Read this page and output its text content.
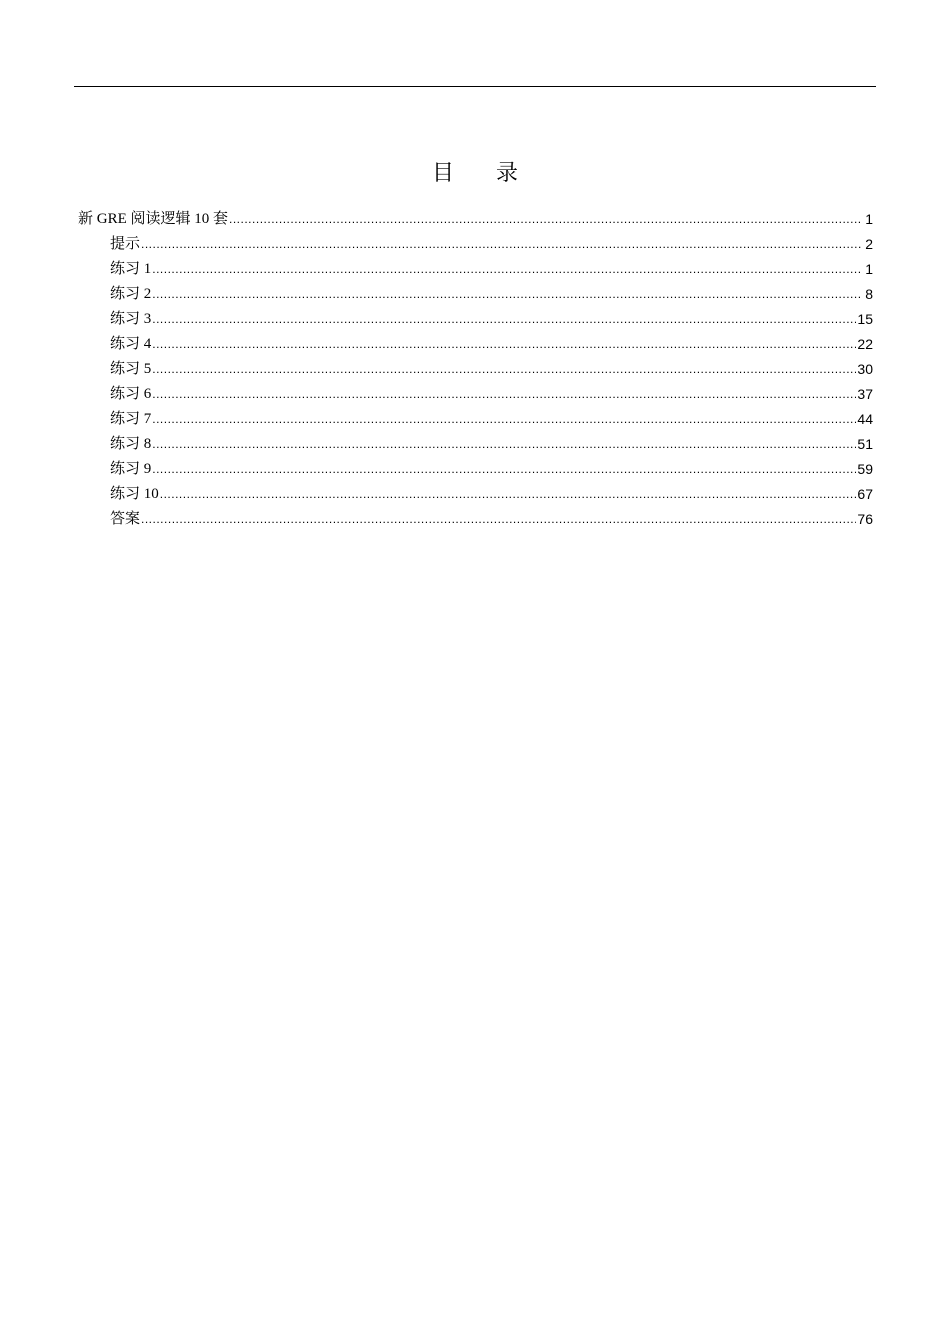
目 录
新 GRE 阅读逻辑 10 套 .....	1
提示 .....	2
练习 1 .....	1
练习 2 .....	8
练习 3 .....	15
练习 4 .....	22
练习 5 .....	30
练习 6 .....	37
练习 7 .....	44
练习 8 .....	51
练习 9 .....	59
练习 10 .....	67
答案 .....	76
